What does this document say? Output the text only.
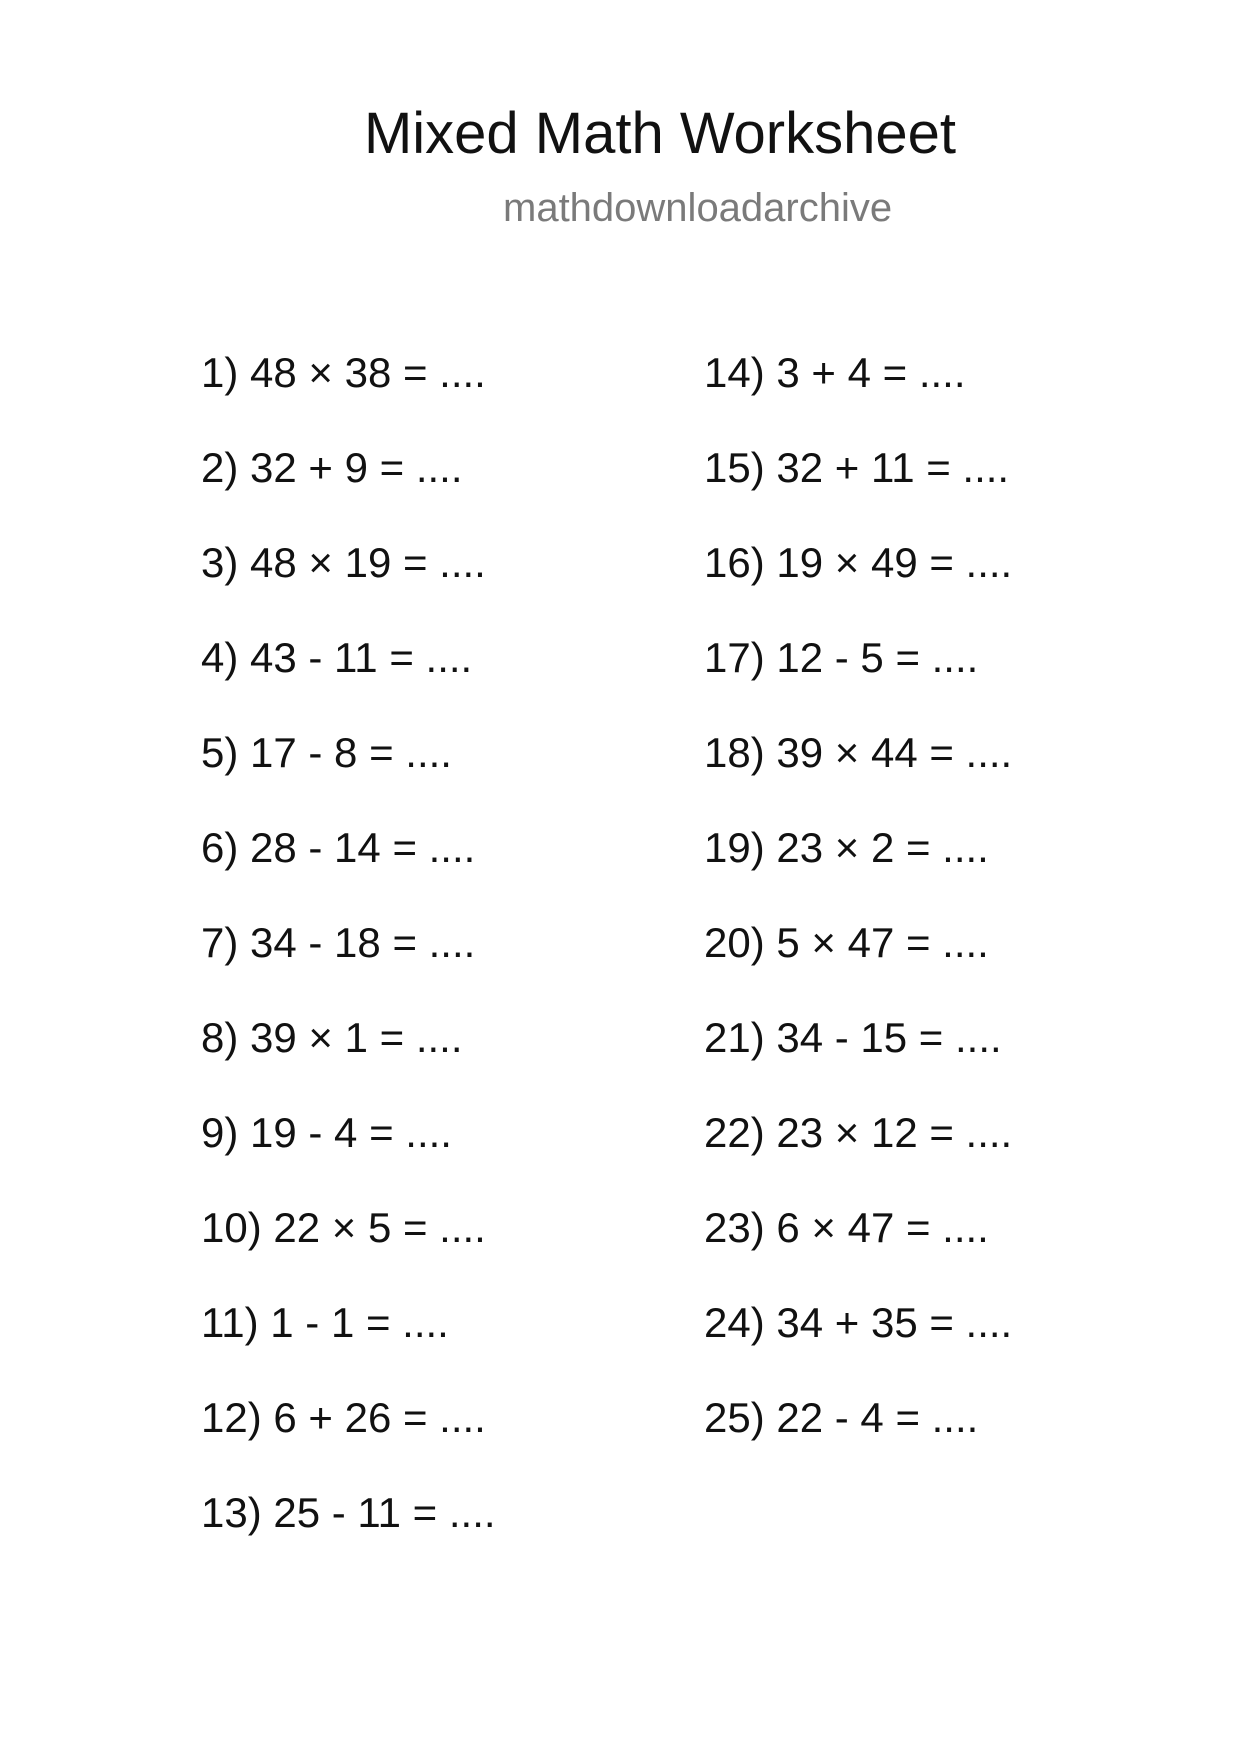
Mixed Math Worksheet
mathdownloadarchive
1) 48 × 38 = ....
2) 32 + 9 = ....
3) 48 × 19 = ....
4) 43 - 11 = ....
5) 17 - 8 = ....
6) 28 - 14 = ....
7) 34 - 18 = ....
8) 39 × 1 = ....
9) 19 - 4 = ....
10) 22 × 5 = ....
11) 1 - 1 = ....
12) 6 + 26 = ....
13) 25 - 11 = ....
14) 3 + 4 = ....
15) 32 + 11 = ....
16) 19 × 49 = ....
17) 12 - 5 = ....
18) 39 × 44 = ....
19) 23 × 2 = ....
20) 5 × 47 = ....
21) 34 - 15 = ....
22) 23 × 12 = ....
23) 6 × 47 = ....
24) 34 + 35 = ....
25) 22 - 4 = ....
